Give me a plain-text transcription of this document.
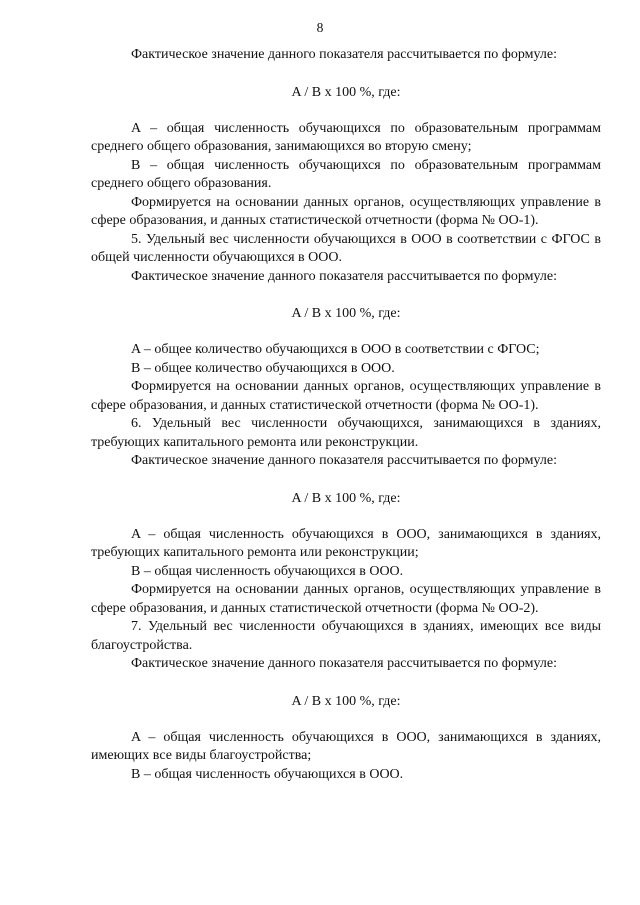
8

Фактическое значение данного показателя рассчитывается по формуле:

A / B x 100 %, где:

A – общая численность обучающихся по образовательным программам среднего общего образования, занимающихся во вторую смену;

B – общая численность обучающихся по образовательным программам среднего общего образования.

Формируется на основании данных органов, осуществляющих управление в сфере образования, и данных статистической отчетности (форма № ОО-1).

5. Удельный вес численности обучающихся в ООО в соответствии с ФГОС в общей численности обучающихся в ООО.

Фактическое значение данного показателя рассчитывается по формуле:

A / B x 100 %, где:

A – общее количество обучающихся в ООО в соответствии с ФГОС;

B – общее количество обучающихся в ООО.

Формируется на основании данных органов, осуществляющих управление в сфере образования, и данных статистической отчетности (форма № ОО-1).

6. Удельный вес численности обучающихся, занимающихся в зданиях, требующих капитального ремонта или реконструкции.

Фактическое значение данного показателя рассчитывается по формуле:

A / B x 100 %, где:

A – общая численность обучающихся в ООО, занимающихся в зданиях, требующих капитального ремонта или реконструкции;

B – общая численность обучающихся в ООО.

Формируется на основании данных органов, осуществляющих управление в сфере образования, и данных статистической отчетности (форма № ОО-2).

7. Удельный вес численности обучающихся в зданиях, имеющих все виды благоустройства.

Фактическое значение данного показателя рассчитывается по формуле:

A / B x 100 %, где:

A – общая численность обучающихся в ООО, занимающихся в зданиях, имеющих все виды благоустройства;

B – общая численность обучающихся в ООО.
